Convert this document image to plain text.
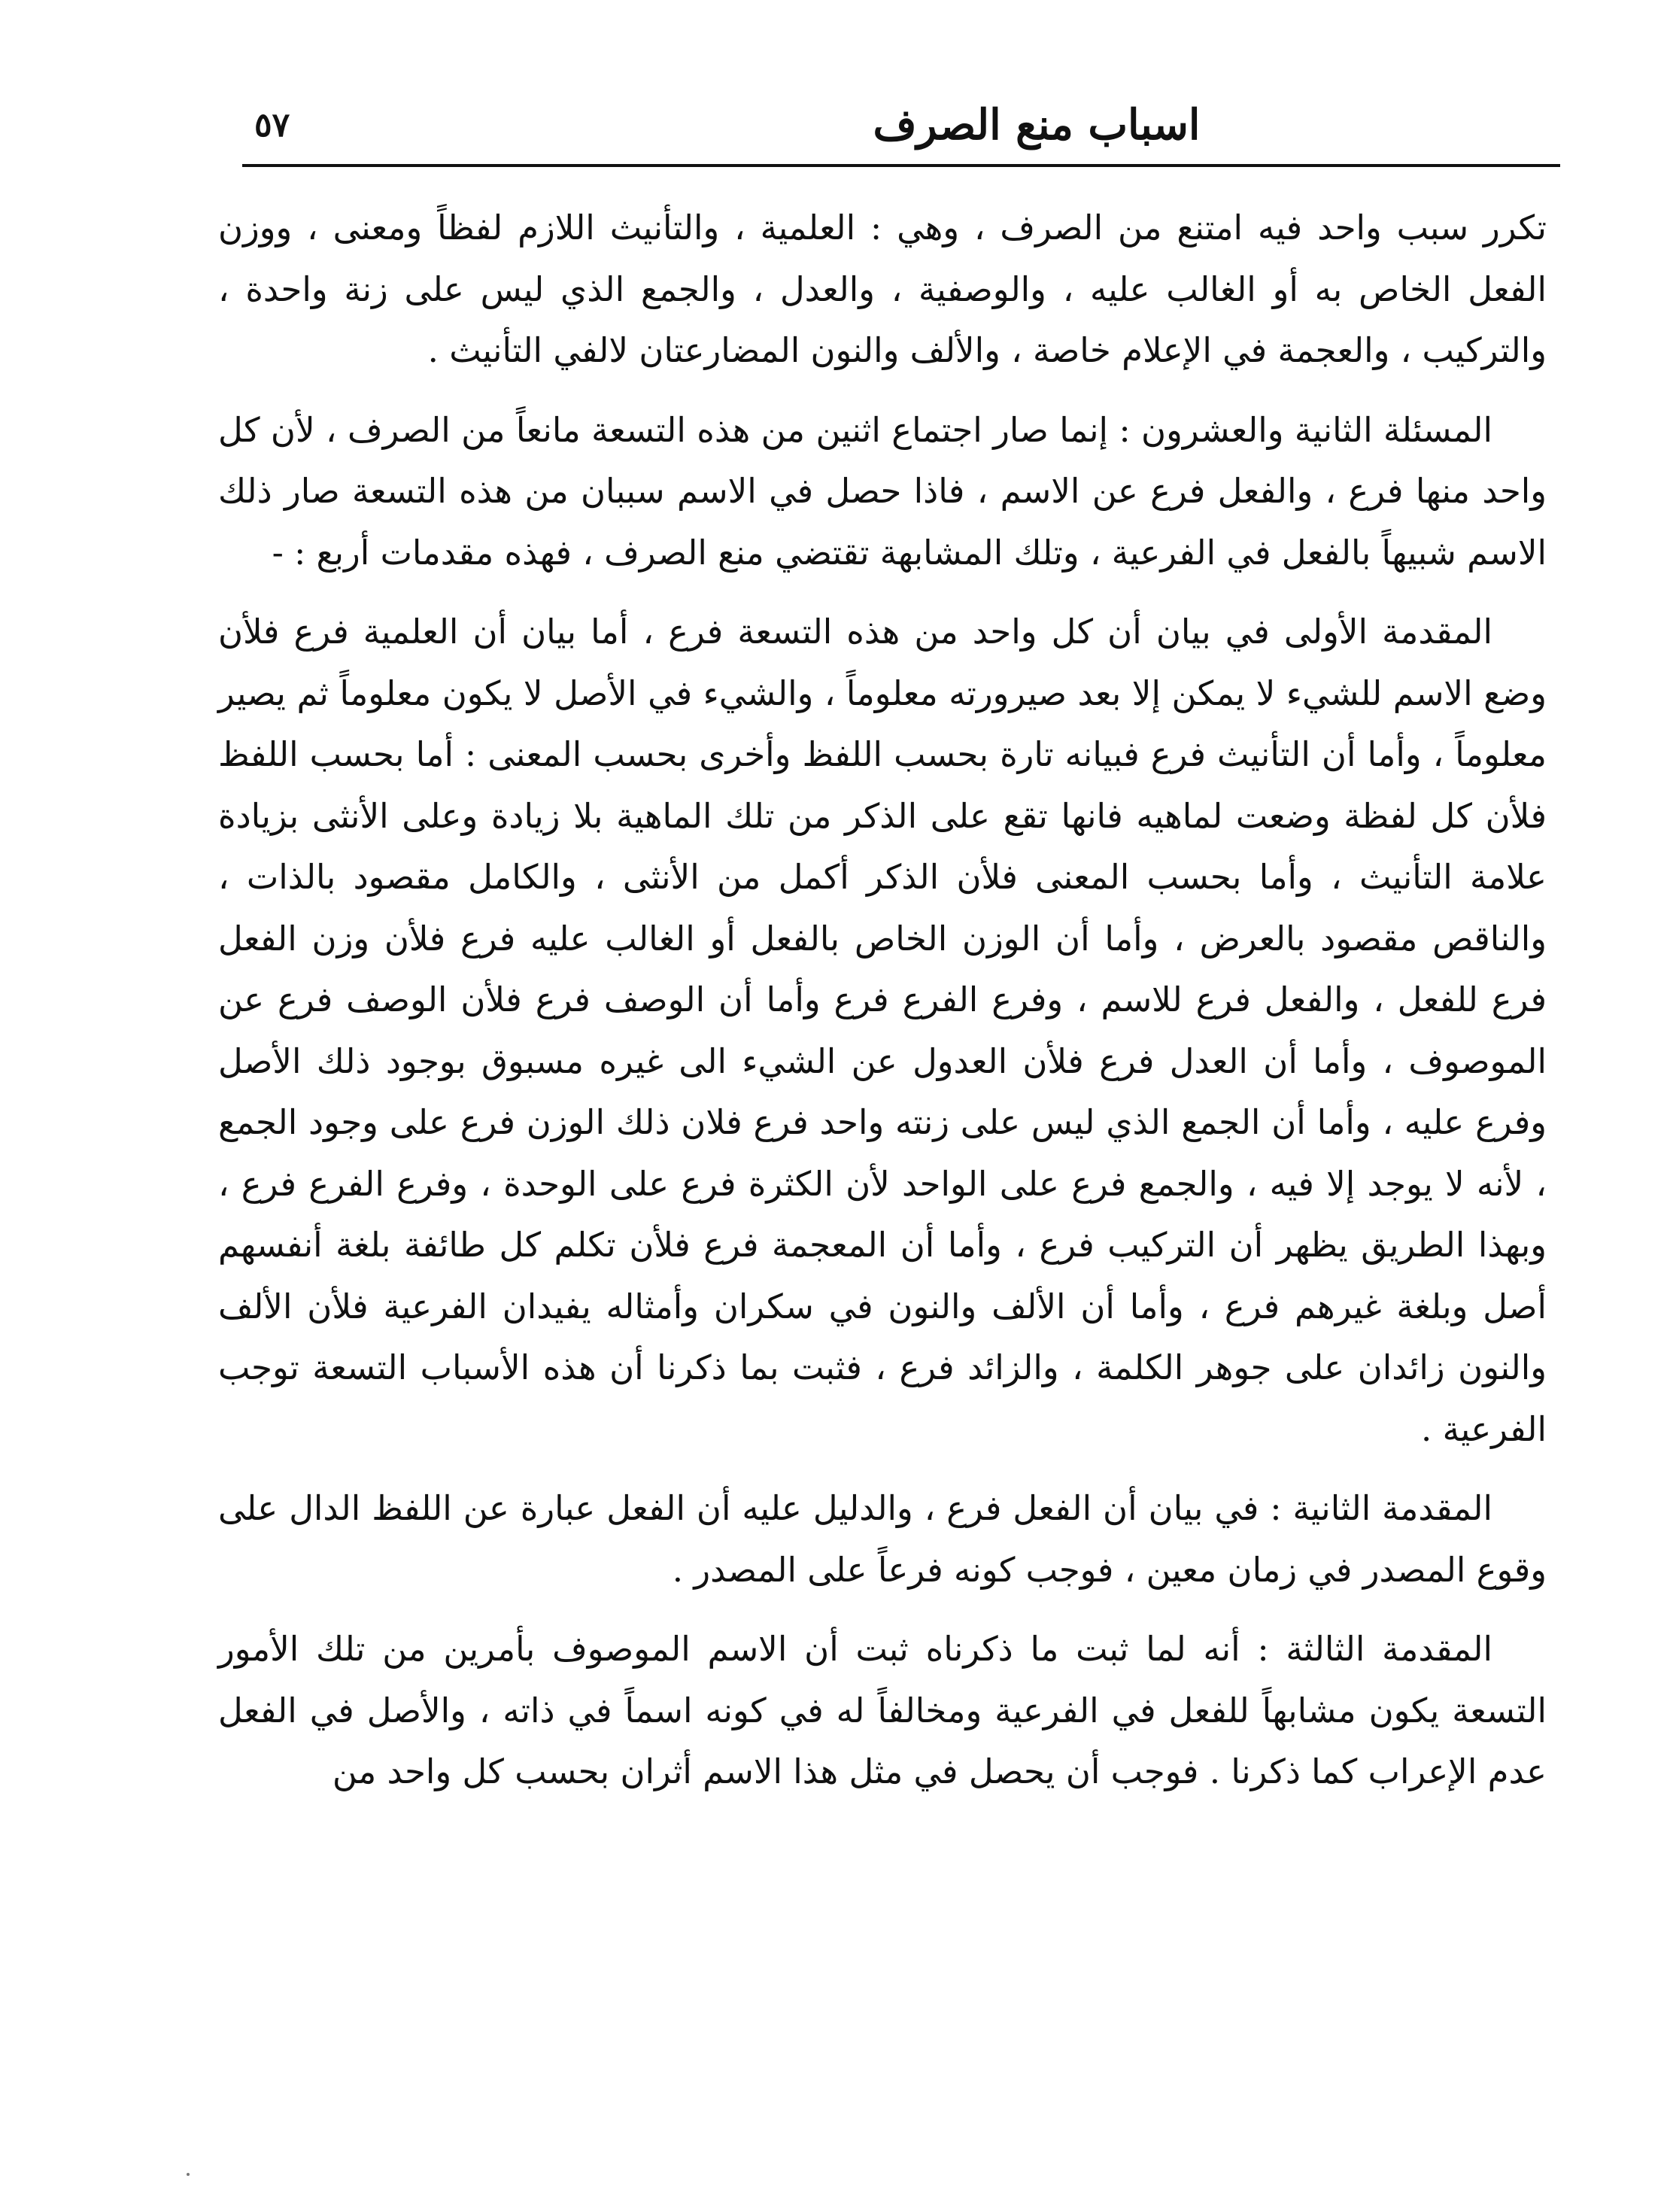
اسباب منع الصرف
٥٧

تكرر سبب واحد فيه امتنع من الصرف ، وهي : العلمية ، والتأنيث اللازم لفظاً ومعنى ، ووزن الفعل الخاص به أو الغالب عليه ، والوصفية ، والعدل ، والجمع الذي ليس على زنة واحدة ، والتركيب ، والعجمة في الإعلام خاصة ، والألف والنون المضارعتان لالفي التأنيث .

المسئلة الثانية والعشرون : إنما صار اجتماع اثنين من هذه التسعة مانعاً من الصرف ، لأن كل واحد منها فرع ، والفعل فرع عن الاسم ، فاذا حصل في الاسم سببان من هذه التسعة صار ذلك الاسم شبيهاً بالفعل في الفرعية ، وتلك المشابهة تقتضي منع الصرف ، فهذه مقدمات أربع : -

المقدمة الأولى في بيان أن كل واحد من هذه التسعة فرع ، أما بيان أن العلمية فرع فلأن وضع الاسم للشيء لا يمكن إلا بعد صيرورته معلوماً ، والشيء في الأصل لا يكون معلوماً ثم يصير معلوماً ، وأما أن التأنيث فرع فبيانه تارة بحسب اللفظ وأخرى بحسب المعنى : أما بحسب اللفظ فلأن كل لفظة وضعت لماهيه فانها تقع على الذكر من تلك الماهية بلا زيادة وعلى الأنثى بزيادة علامة التأنيث ، وأما بحسب المعنى فلأن الذكر أكمل من الأنثى ، والكامل مقصود بالذات ، والناقص مقصود بالعرض ، وأما أن الوزن الخاص بالفعل أو الغالب عليه فرع فلأن وزن الفعل فرع للفعل ، والفعل فرع للاسم ، وفرع الفرع فرع وأما أن الوصف فرع فلأن الوصف فرع عن الموصوف ، وأما أن العدل فرع فلأن العدول عن الشيء الى غيره مسبوق بوجود ذلك الأصل وفرع عليه ، وأما أن الجمع الذي ليس على زنته واحد فرع فلان ذلك الوزن فرع على وجود الجمع ، لأنه لا يوجد إلا فيه ، والجمع فرع على الواحد لأن الكثرة فرع على الوحدة ، وفرع الفرع فرع ، وبهذا الطريق يظهر أن التركيب فرع ، وأما أن المعجمة فرع فلأن تكلم كل طائفة بلغة أنفسهم أصل وبلغة غيرهم فرع ، وأما أن الألف والنون في سكران وأمثاله يفيدان الفرعية فلأن الألف والنون زائدان على جوهر الكلمة ، والزائد فرع ، فثبت بما ذكرنا أن هذه الأسباب التسعة توجب الفرعية .

المقدمة الثانية : في بيان أن الفعل فرع ، والدليل عليه أن الفعل عبارة عن اللفظ الدال على وقوع المصدر في زمان معين ، فوجب كونه فرعاً على المصدر .

المقدمة الثالثة : أنه لما ثبت ما ذكرناه ثبت أن الاسم الموصوف بأمرين من تلك الأمور التسعة يكون مشابهاً للفعل في الفرعية ومخالفاً له في كونه اسماً في ذاته ، والأصل في الفعل عدم الإعراب كما ذكرنا . فوجب أن يحصل في مثل هذا الاسم أثران بحسب كل واحد من
